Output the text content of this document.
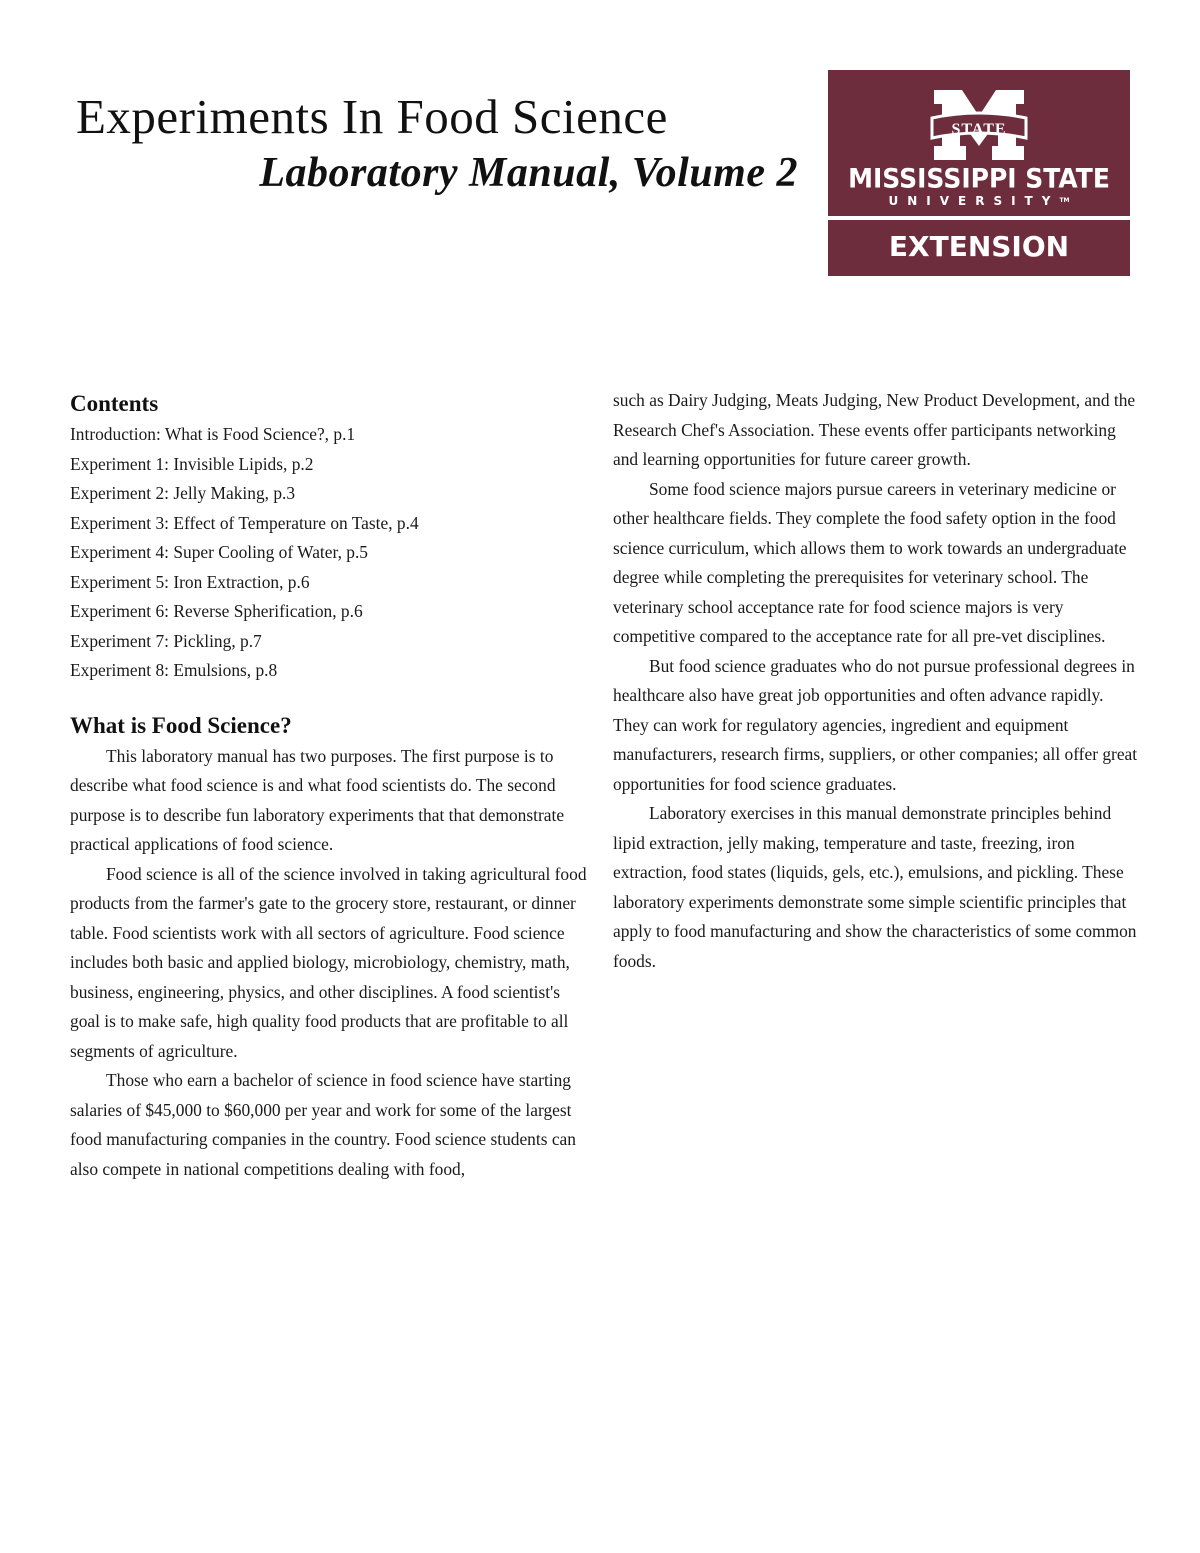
Experiments In Food Science
Laboratory Manual, Volume 2
STATE
MISSISSIPPI STATE
UNIVERSITY™
EXTENSION
Contents
Introduction: What is Food Science?, p.1
Experiment 1: Invisible Lipids, p.2
Experiment 2: Jelly Making, p.3
Experiment 3: Effect of Temperature on Taste, p.4
Experiment 4: Super Cooling of Water, p.5
Experiment 5: Iron Extraction, p.6
Experiment 6: Reverse Spherification, p.6
Experiment 7: Pickling, p.7
Experiment 8: Emulsions, p.8
What is Food Science?

This laboratory manual has two purposes. The first purpose is to describe what food science is and what food scientists do. The second purpose is to describe fun laboratory experiments that that demonstrate practical applications of food science.

Food science is all of the science involved in taking agricultural food products from the farmer's gate to the grocery store, restaurant, or dinner table. Food scientists work with all sectors of agriculture. Food science includes both basic and applied biology, microbiology, chemistry, math, business, engineering, physics, and other disciplines. A food scientist's goal is to make safe, high quality food products that are profitable to all segments of agriculture.

Those who earn a bachelor of science in food science have starting salaries of $45,000 to $60,000 per year and work for some of the largest food manufacturing companies in the country. Food science students can also compete in national competitions dealing with food,

such as Dairy Judging, Meats Judging, New Product Development, and the Research Chef's Association. These events offer participants networking and learning opportunities for future career growth.

Some food science majors pursue careers in veterinary medicine or other healthcare fields. They complete the food safety option in the food science curriculum, which allows them to work towards an undergraduate degree while completing the prerequisites for veterinary school. The veterinary school acceptance rate for food science majors is very competitive compared to the acceptance rate for all pre-vet disciplines.

But food science graduates who do not pursue professional degrees in healthcare also have great job opportunities and often advance rapidly. They can work for regulatory agencies, ingredient and equipment manufacturers, research firms, suppliers, or other companies; all offer great opportunities for food science graduates.

Laboratory exercises in this manual demonstrate principles behind lipid extraction, jelly making, temperature and taste, freezing, iron extraction, food states (liquids, gels, etc.), emulsions, and pickling. These laboratory experiments demonstrate some simple scientific principles that apply to food manufacturing and show the characteristics of some common foods.
